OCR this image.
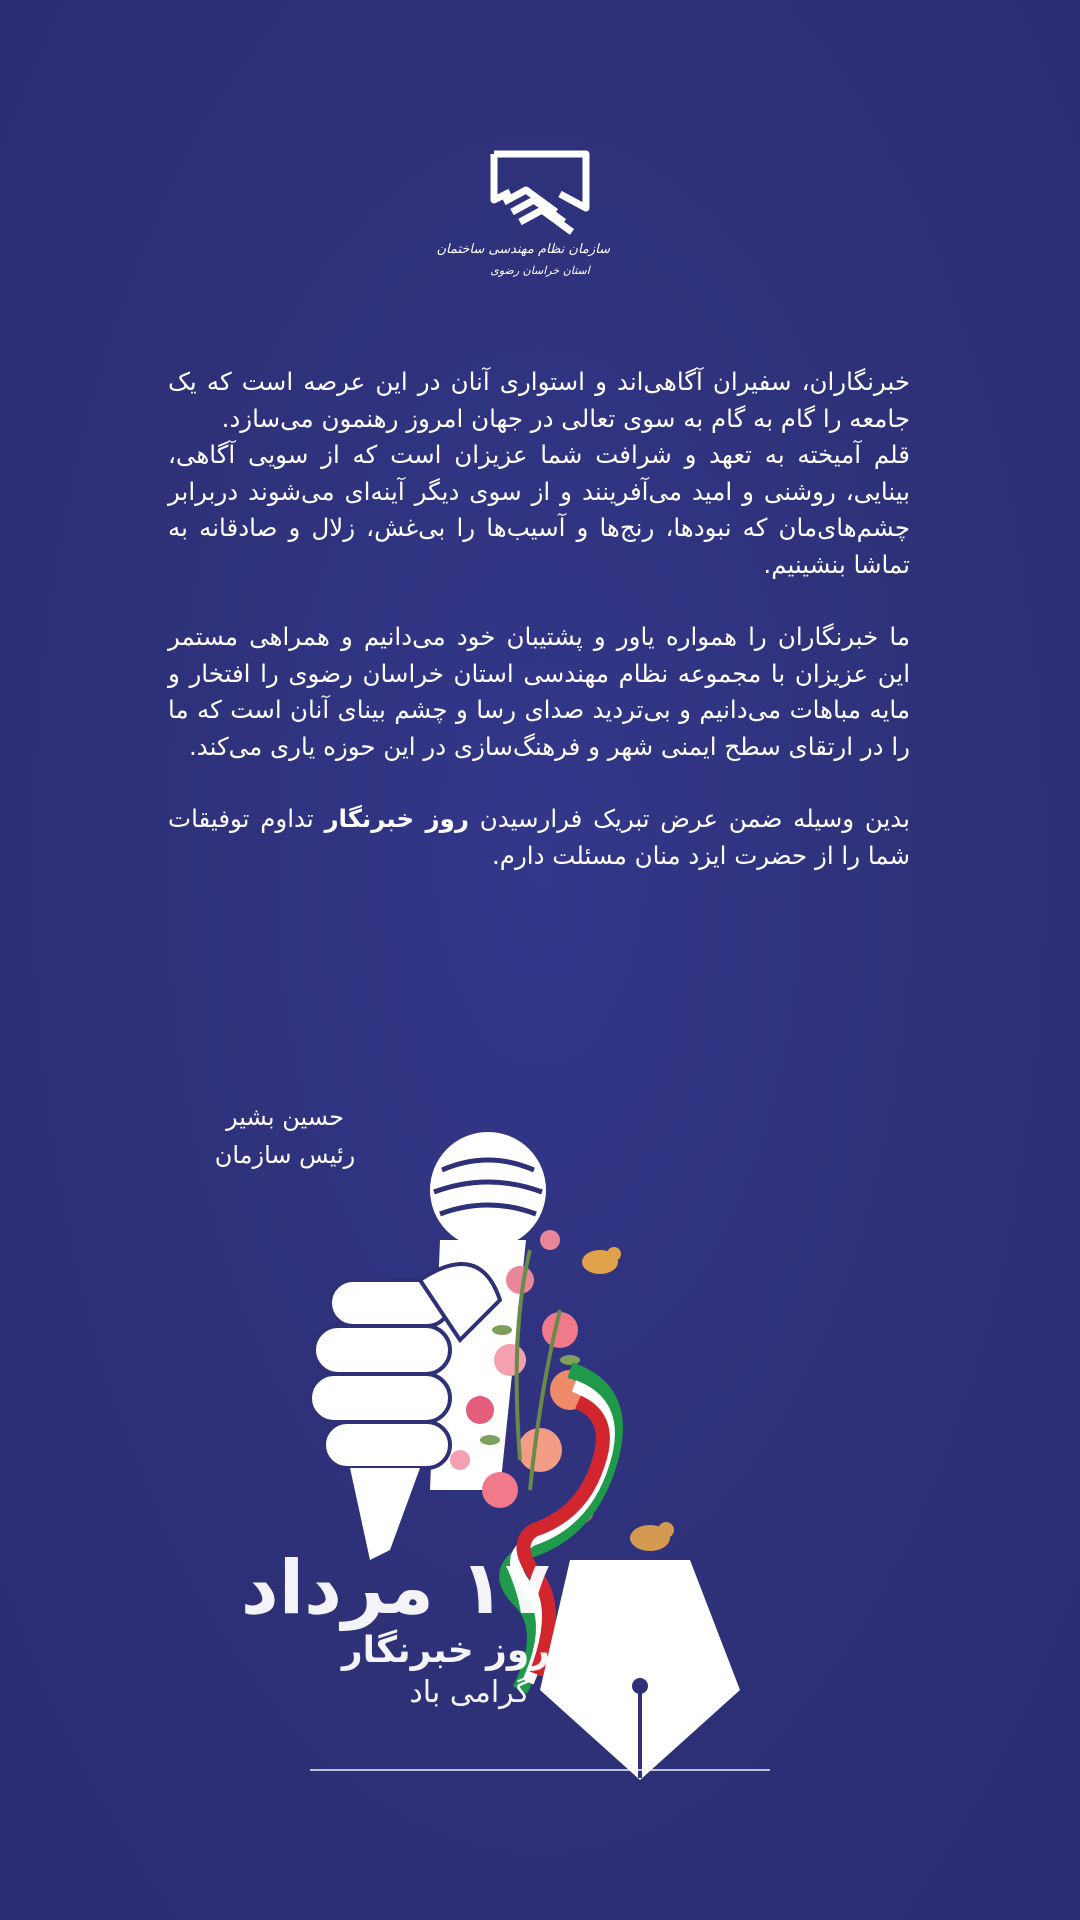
سازمان نظام مهندسی ساختمان
استان خراسان رضوی

خبرنگاران، سفیران آگاهی‌اند و استواری آنان در این عرصه است که یک جامعه را گام به گام به سوی تعالی در جهان امروز رهنمون می‌سازد.

قلم آمیخته به تعهد و شرافت شما عزیزان است که از سویی آگاهی، بینایی، روشنی و امید می‌آفرینند و از سوی دیگر آینه‌ای می‌شوند دربرابر چشم‌های‌مان که نبودها، رنج‌ها و آسیب‌ها را بی‌غش، زلال و صادقانه به تماشا بنشینیم.

ما خبرنگاران را همواره یاور و پشتیبان خود می‌دانیم و همراهی مستمر این عزیزان با مجموعه نظام مهندسی استان خراسان رضوی را افتخار و مایه مباهات می‌دانیم و بی‌تردید صدای رسا و چشم بینای آنان است که ما را در ارتقای سطح ایمنی شهر و فرهنگ‌سازی در این حوزه یاری می‌کند.

بدین وسیله ضمن عرض تبریک فرارسیدن روز خبرنگار تداوم توفیقات شما را از حضرت ایزد منان مسئلت دارم.

حسین بشیر
رئیس سازمان
۱۷ مرداد
روز خبرنگار
گرامی باد
